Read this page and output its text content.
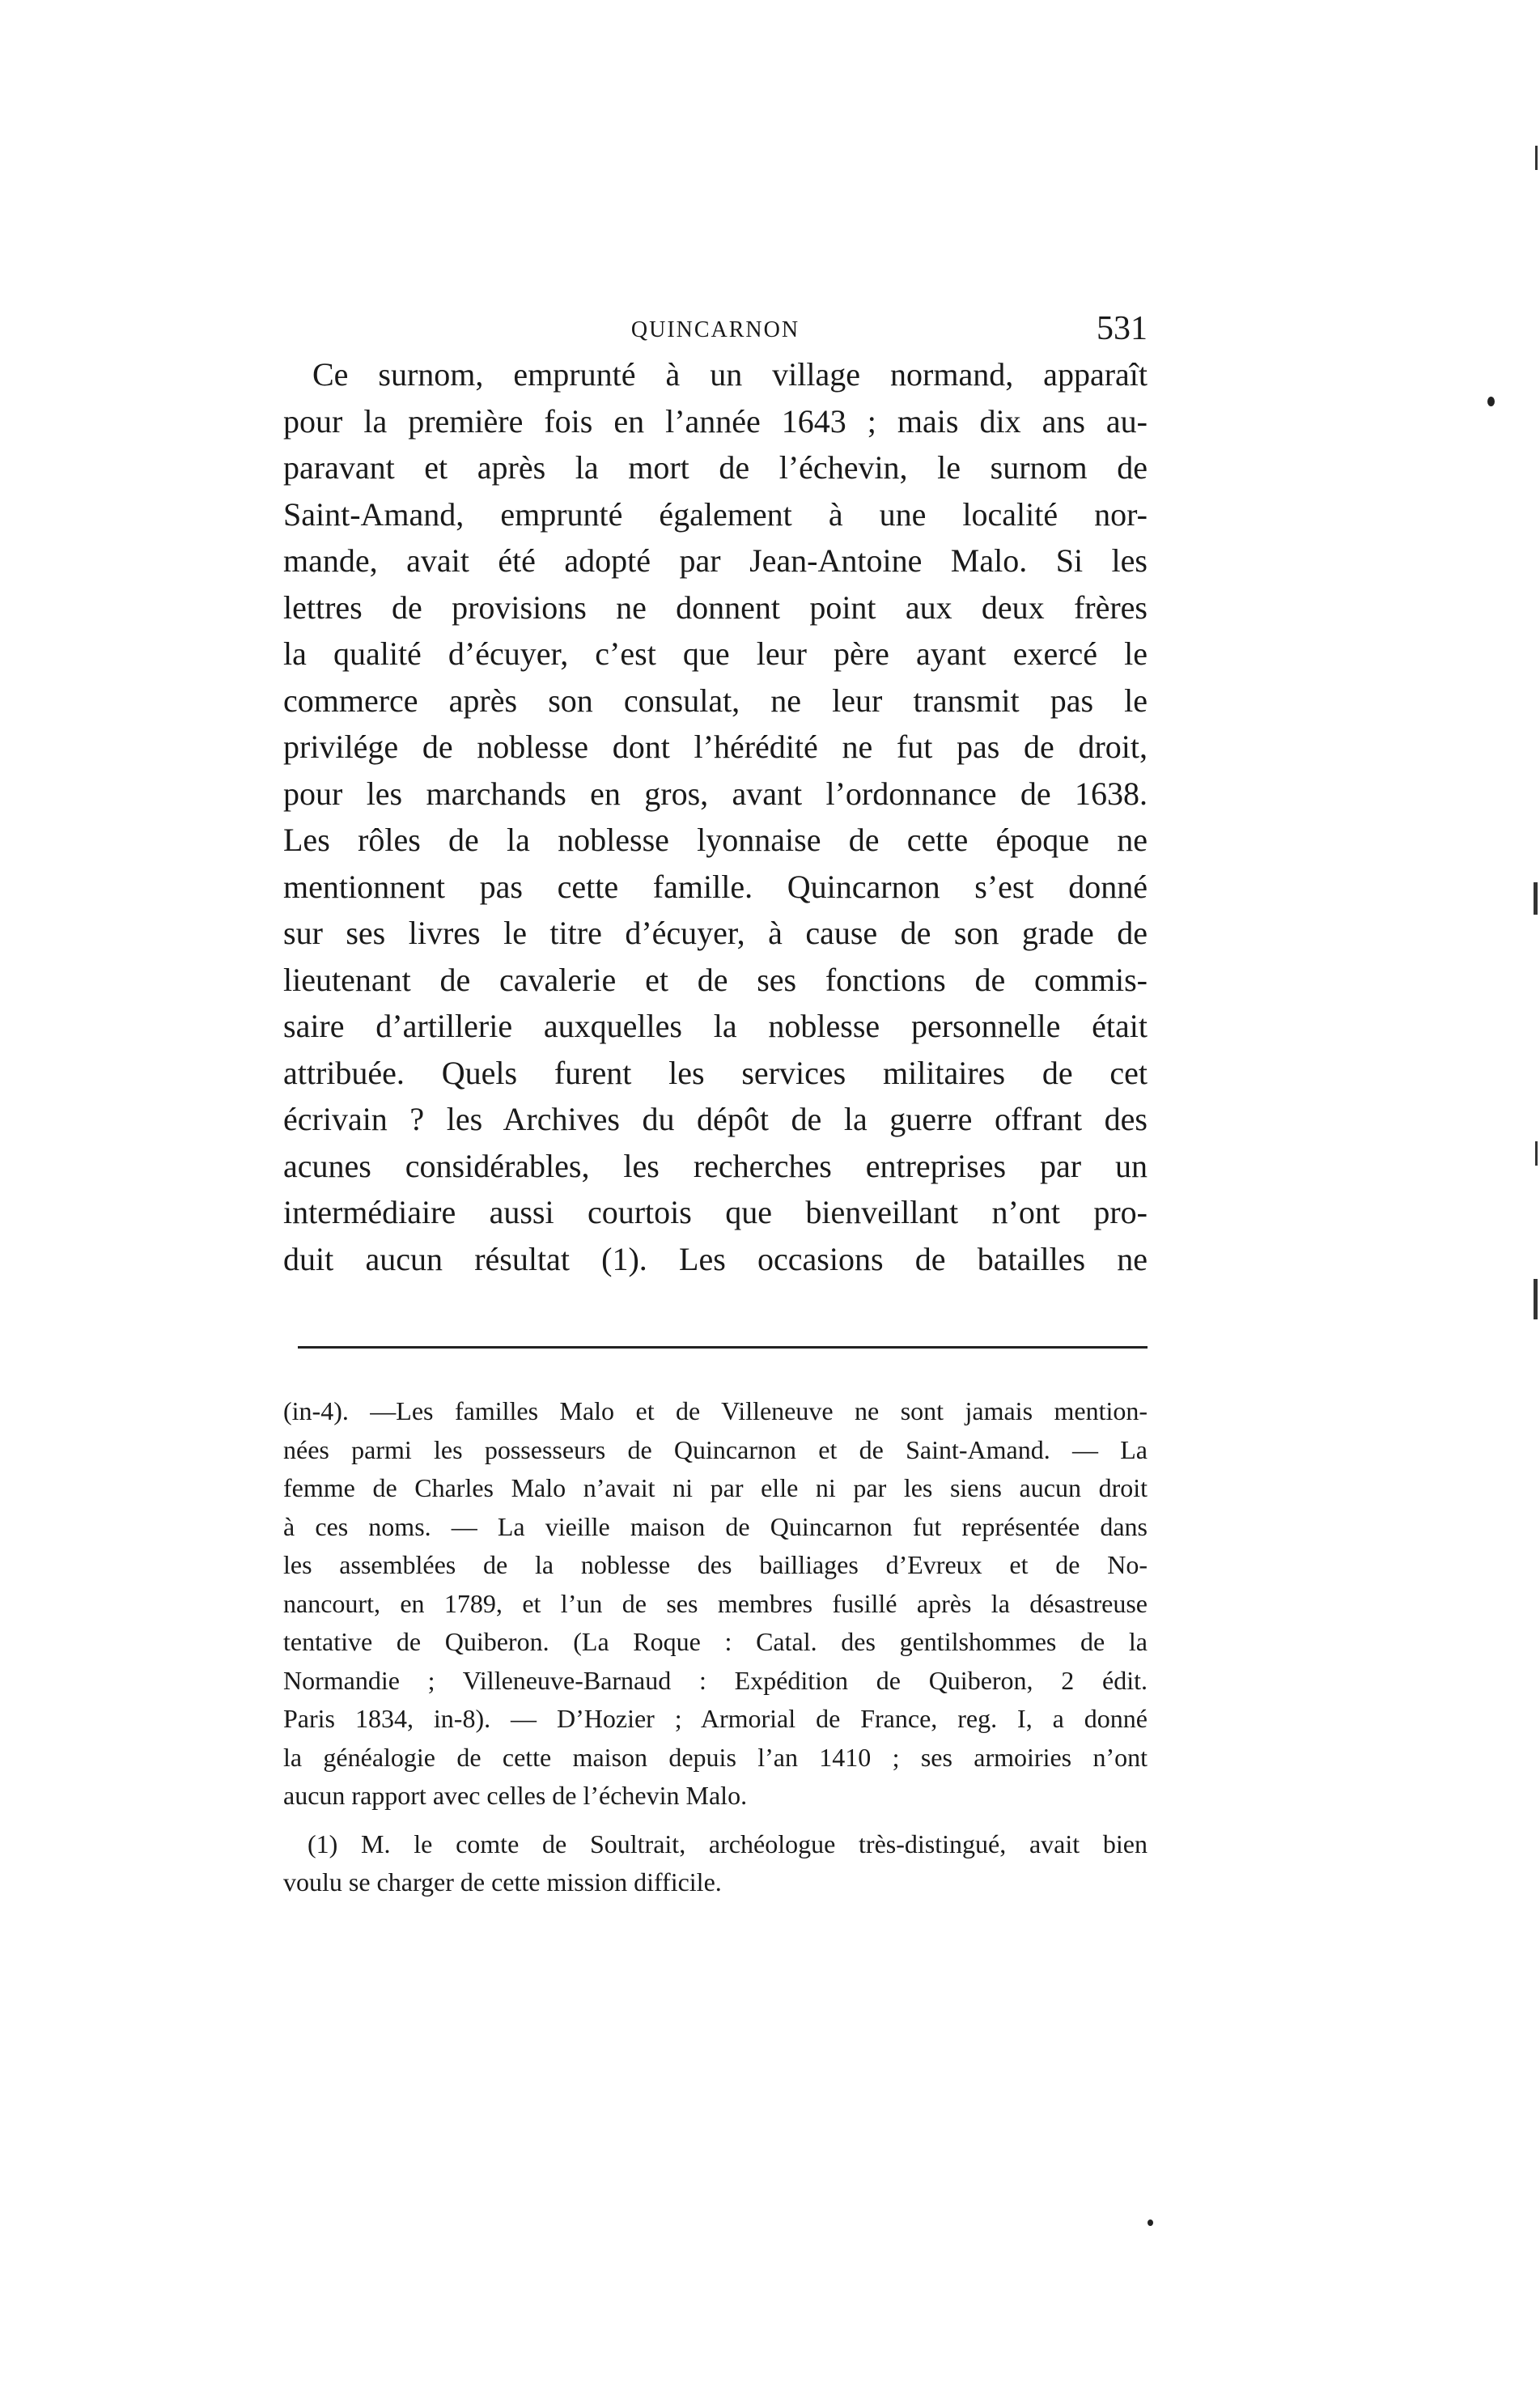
QUINCARNON	531
Ce surnom, emprunté à un village normand, apparaît
pour la première fois en l’année 1643 ; mais dix ans au-
paravant et après la mort de l’échevin, le surnom de
Saint-Amand, emprunté également à une localité nor-
mande, avait été adopté par Jean-Antoine Malo. Si les
lettres de provisions ne donnent point aux deux frères
la qualité d’écuyer, c’est que leur père ayant exercé le
commerce après son consulat, ne leur transmit pas le
privilége de noblesse dont l’hérédité ne fut pas de droit,
pour les marchands en gros, avant l’ordonnance de 1638.
Les rôles de la noblesse lyonnaise de cette époque ne
mentionnent pas cette famille. Quincarnon s’est donné
sur ses livres le titre d’écuyer, à cause de son grade de
lieutenant de cavalerie et de ses fonctions de commis-
saire d’artillerie auxquelles la noblesse personnelle était
attribuée. Quels furent les services militaires de cet
écrivain ? les Archives du dépôt de la guerre offrant des
acunes considérables, les recherches entreprises par un
intermédiaire aussi courtois que bienveillant n’ont pro-
duit aucun résultat (1). Les occasions de batailles ne
(in-4). —Les familles Malo et de Villeneuve ne sont jamais mention-
nées parmi les possesseurs de Quincarnon et de Saint-Amand. — La
femme de Charles Malo n’avait ni par elle ni par les siens aucun droit
à ces noms. — La vieille maison de Quincarnon fut représentée dans
les assemblées de la noblesse des bailliages d’Evreux et de No-
nancourt, en 1789, et l’un de ses membres fusillé après la désastreuse
tentative de Quiberon. (La Roque : Catal. des gentilshommes de la
Normandie ; Villeneuve-Barnaud : Expédition de Quiberon, 2 édit.
Paris 1834, in-8). — D’Hozier ; Armorial de France, reg. I, a donné
la généalogie de cette maison depuis l’an 1410 ; ses armoiries n’ont
aucun rapport avec celles de l’échevin Malo.
(1) M. le comte de Soultrait, archéologue très-distingué, avait bien
voulu se charger de cette mission difficile.
